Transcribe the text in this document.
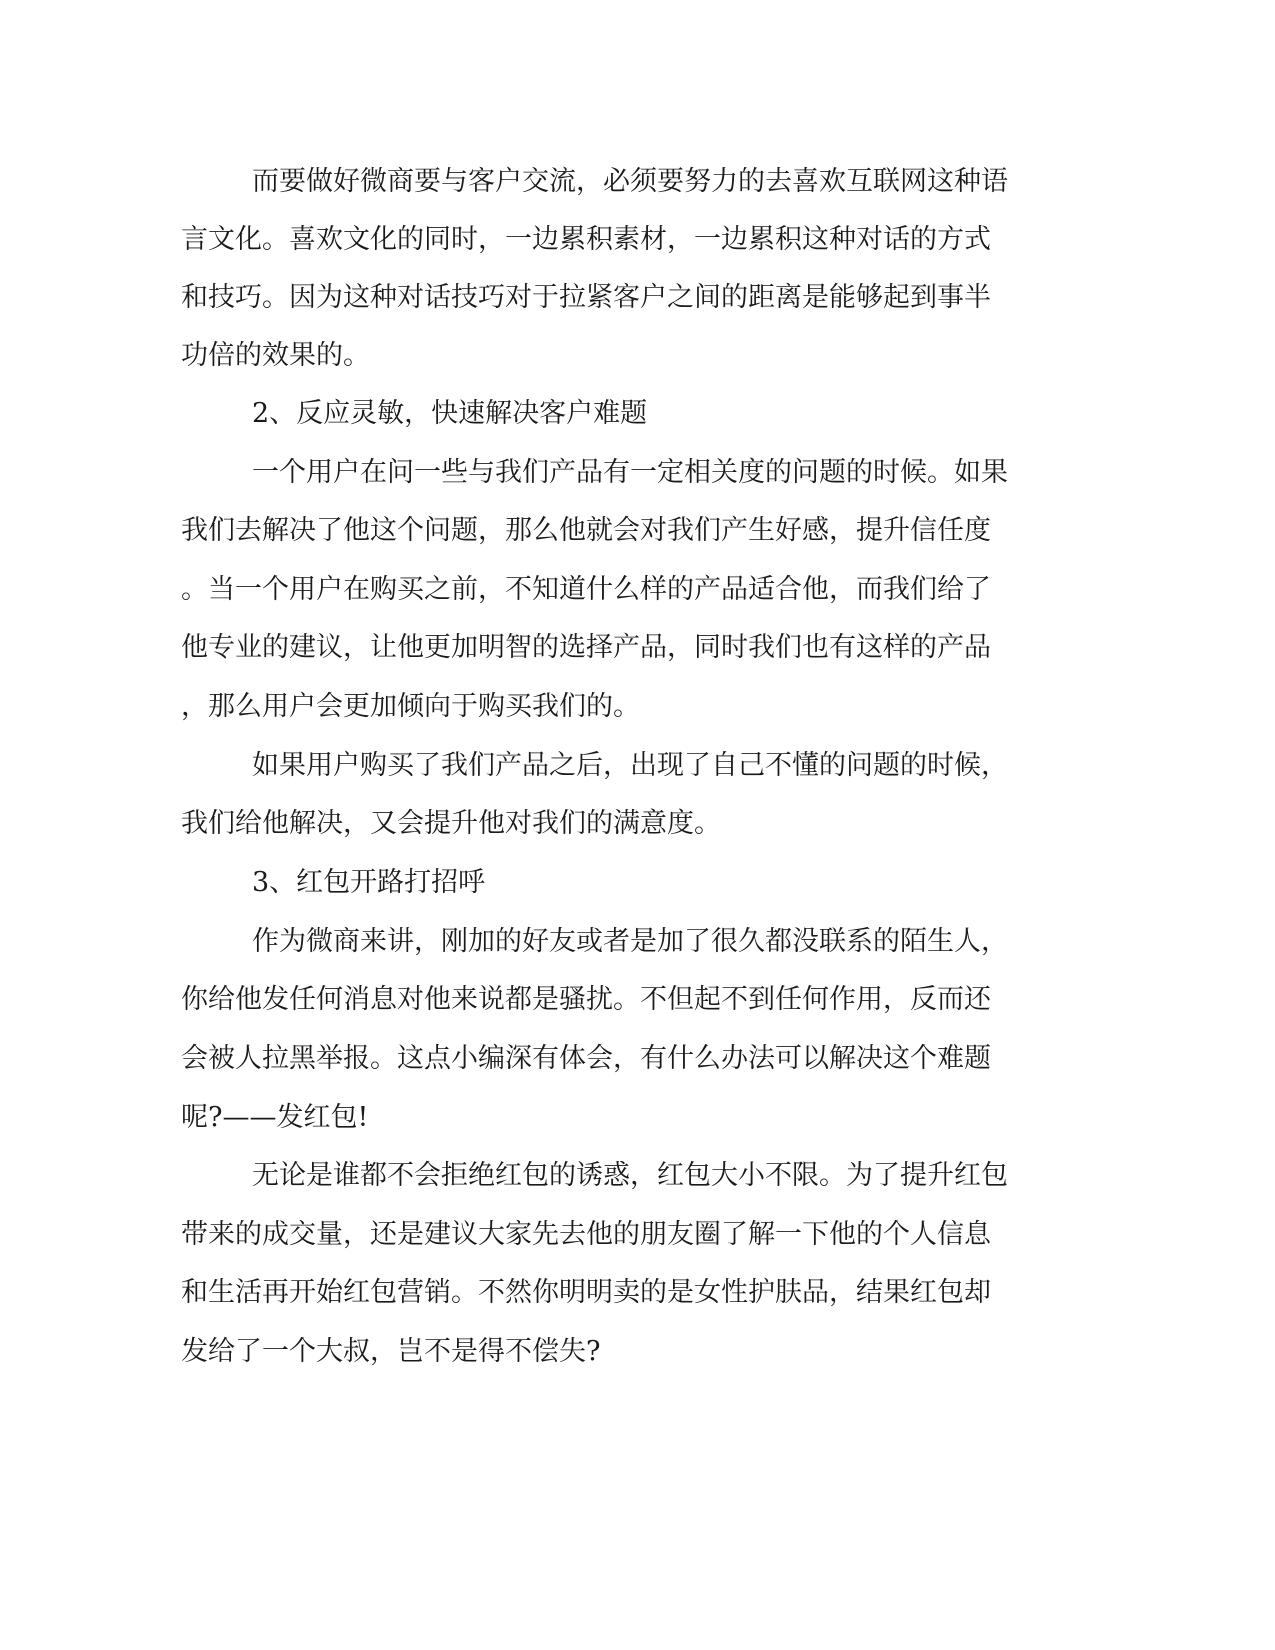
而要做好微商要与客户交流，必须要努力的去喜欢互联网这种语
言文化。喜欢文化的同时，一边累积素材，一边累积这种对话的方式
和技巧。因为这种对话技巧对于拉紧客户之间的距离是能够起到事半
功倍的效果的。
2、反应灵敏，快速解决客户难题
一个用户在问一些与我们产品有一定相关度的问题的时候。如果
我们去解决了他这个问题，那么他就会对我们产生好感，提升信任度
。当一个用户在购买之前，不知道什么样的产品适合他，而我们给了
他专业的建议，让他更加明智的选择产品，同时我们也有这样的产品
，那么用户会更加倾向于购买我们的。
如果用户购买了我们产品之后，出现了自己不懂的问题的时候，
我们给他解决，又会提升他对我们的满意度。
3、红包开路打招呼
作为微商来讲，刚加的好友或者是加了很久都没联系的陌生人，
你给他发任何消息对他来说都是骚扰。不但起不到任何作用，反而还
会被人拉黑举报。这点小编深有体会，有什么办法可以解决这个难题
呢?——发红包!
无论是谁都不会拒绝红包的诱惑，红包大小不限。为了提升红包
带来的成交量，还是建议大家先去他的朋友圈了解一下他的个人信息
和生活再开始红包营销。不然你明明卖的是女性护肤品，结果红包却
发给了一个大叔，岂不是得不偿失?
